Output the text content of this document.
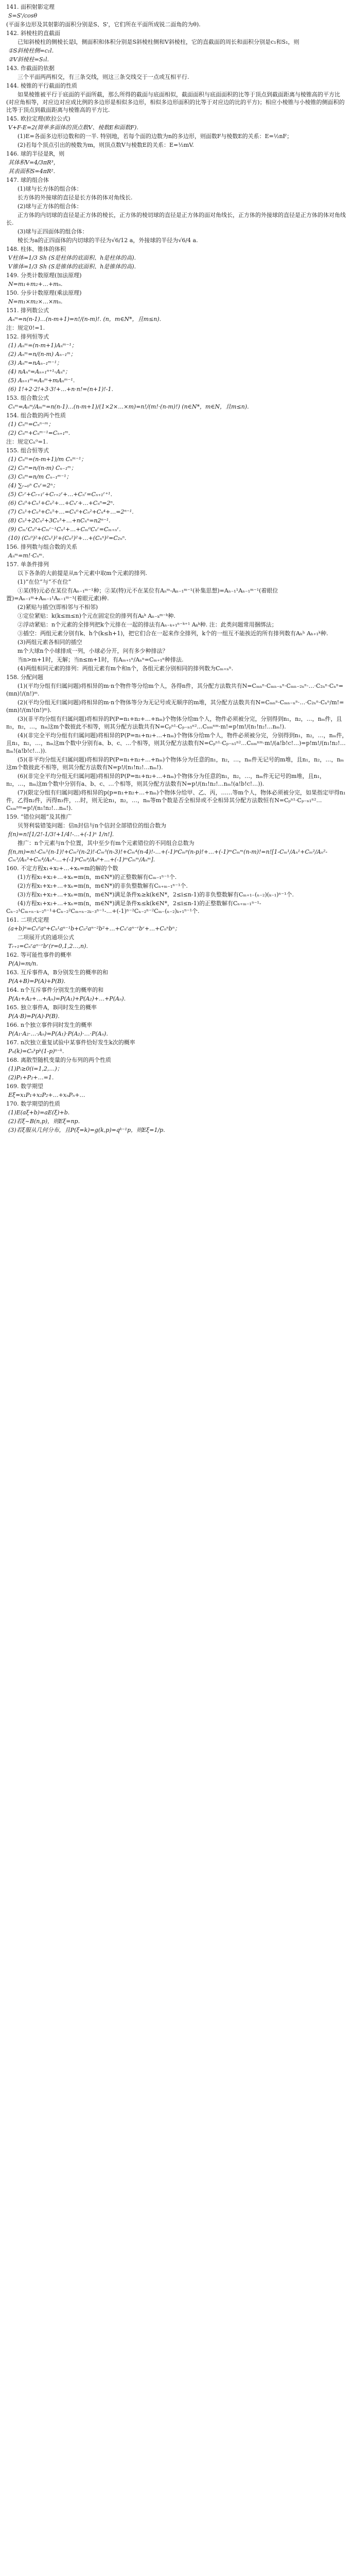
141. 面积射影定理
S=S'/cosθ
(平面多边形及其射影的面积分别是S、S'，它们所在平面所成锐二面角的为θ).
142. 斜棱柱的直截面
已知斜棱柱的侧棱长是l，侧面积和体积分别是S斜棱柱侧和V斜棱柱，它的直截面的周长和面积分别是c₁和S₁，则
①S斜棱柱侧=c₁l.
②V斜棱柱=S₁l.
143. 作截面的依据
三个平面两两相交，有三条交线，则这三条交线交于一点或互相平行.
144. 棱锥的平行截面的性质
如果棱锥被平行于底面的平面所截，那么所得的截面与底面相似，截面面积与底面面积的比等于顶点到截面距离与棱锥高的平方比(对应角相等，对应边对应成比例的多边形是相似多边形，相似多边形面积的比等于对应边的比的平方)；相应小棱锥与小棱锥的侧面积的比等于顶点到截面距离与棱锥高的平方比.
145. 欧拉定理(欧拉公式)
V+F-E=2(简单多面体的顶点数V、棱数E和面数F).
(1)E=各面多边形边数和的一半. 特别地，若每个面的边数为n的多边形，则面数F与棱数E的关系：E=½nF；
(2)若每个顶点引出的棱数为m，则顶点数V与棱数E的关系：E=½mV.
146. 球的半径是R，则
其体积V=4/3πR³，
其表面积S=4πR².
147. 球的组合体
(1)球与长方体的组合体：
长方体的外接球的直径是长方体的体对角线长.
(2)球与正方体的组合体：
正方体的内切球的直径是正方体的棱长，正方体的棱切球的直径是正方体的面对角线长，正方体的外接球的直径是正方体的体对角线长.
(3)球与正四面体的组合体：
棱长为a的正四面体的内切球的半径为√6/12 a，外接球的半径为√6/4 a.
148. 柱体、锥体的体积
V柱体=1/3 Sh (S是柱体的底面积、h是柱体的高).
V锥体=1/3 Sh (S是锥体的底面积、h是锥体的高).
149. 分类计数原理(加法原理)
N=m₁+m₂+…+mₙ.
150. 分步计数原理(乘法原理)
N=m₁×m₂×…×mₙ.
151. 排列数公式
Aₙᵐ=n(n-1)…(n-m+1)=n!/(n-m)!. (n，m∈N*，且m≤n).
注：规定0!=1.
152. 排列恒等式
(1) Aₙᵐ=(n-m+1)Aₙᵐ⁻¹；
(2) Aₙᵐ=n/(n-m) Aₙ₋₁ᵐ；
(3) Aₙᵐ=nAₙ₋₁ᵐ⁻¹；
(4) nAₙⁿ=Aₙ₊₁ⁿ⁺¹-Aₙⁿ；
(5) Aₙ₊₁ᵐ=Aₙᵐ+mAₙᵐ⁻¹.
(6) 1!+2·2!+3·3!+…+n·n!=(n+1)!-1.
153. 组合数公式
Cₙᵐ=Aₙᵐ/Aₘᵐ=n(n-1)…(n-m+1)/(1×2×…×m)=n!/(m!·(n-m)!) (n∈N*，m∈N，且m≤n).
154. 组合数的两个性质
(1) Cₙᵐ=Cₙⁿ⁻ᵐ；
(2) Cₙᵐ+Cₙᵐ⁻¹=Cₙ₊₁ᵐ.
注：规定Cₙ⁰=1.
155. 组合恒等式
(1) Cₙᵐ=(n-m+1)/m Cₙᵐ⁻¹；
(2) Cₙᵐ=n/(n-m) Cₙ₋₁ᵐ；
(3) Cₙᵐ=n/m Cₙ₋₁ᵐ⁻¹；
(4) ∑ᵣ₌₀ⁿ Cₙʳ=2ⁿ；
(5) Cᵣʳ+Cᵣ₊₁ʳ+Cᵣ₊₂ʳ+…+Cₙʳ=Cₙ₊₁ʳ⁺¹.
(6) Cₙ⁰+Cₙ¹+Cₙ²+…+Cₙʳ+…+Cₙⁿ=2ⁿ.
(7) Cₙ¹+Cₙ³+Cₙ⁵+…=Cₙ⁰+Cₙ²+Cₙ⁴+…=2ⁿ⁻¹.
(8) Cₙ¹+2Cₙ²+3Cₙ³+…+nCₙⁿ=n2ⁿ⁻¹.
(9) CₘʳCₙ⁰+Cₘʳ⁻¹Cₙ¹+…+Cₘ⁰Cₙʳ=Cₘ₊ₙʳ.
(10) (Cₙ⁰)²+(Cₙ¹)²+(Cₙ²)²+…+(Cₙⁿ)²=C₂ₙⁿ.
156. 排列数与组合数的关系
Aₙᵐ=m!·Cₙᵐ.
157. 单条件排列
以下各条的大前提是从n个元素中取m个元素的排列.
(1)“在位”与“不在位”
①某(特)元必在某位有Aₙ₋₁ᵐ⁻¹种；②某(特)元不在某位有Aₙᵐ-Aₙ₋₁ᵐ⁻¹(补集思想)=Aₙ₋₁¹Aₙ₋₁ᵐ⁻¹(着眼位置)=Aₙ₋₁ᵐ+Aₘ₋₁¹Aₙ₋₁ᵐ⁻¹(着眼元素)种.
(2)紧贴与插空(即相邻与不相邻)
①定位紧贴：k(k≤m≤n)个元在固定位的排列有Aₖᵏ Aₙ₋ₖᵐ⁻ᵏ种.
②浮动紧贴：n个元素的全排列把k个元排在一起的排法有Aₙ₋ₖ₊₁ⁿ⁻ᵏ⁺¹ Aₖᵏ种. 注：此类问题常用捆绑法；
③插空：两组元素分别有k、h个(k≤h+1)，把它们合在一起来作全排列，k个的一组互不能挨近的所有排列数有Aₕʰ Aₕ₊₁ᵏ种.
(3)两组元素各相同的插空
m个大球n个小球排成一列，小球必分开，问有多少种排法？
当n>m+1时，无解；当n≤m+1时，有Aₘ₊₁ⁿ/Aₙⁿ=Cₘ₊₁ⁿ种排法.
(4)两组相同元素的排列：两组元素有m个和n个，各组元素分别相同的排列数为Cₘ₊ₙⁿ.
158. 分配问题
(1)(平均分组有归属问题)将相异的m·n个物件等分给m个人，各得n件，其分配方法数共有N=Cₘₙⁿ·Cₘₙ₋ₙⁿ·Cₘₙ₋₂ₙⁿ·…·C₂ₙⁿ·Cₙⁿ=(mn)!/(n!)ᵐ.
(2)(平均分组无归属问题)将相异的m·n个物体等分为无记号或无顺序的m堆，其分配方法数共有N=Cₘₙⁿ·Cₘₙ₋ₙⁿ·…·C₂ₙⁿ·Cₙⁿ/m!=(mn)!/(m!(n!)ᵐ).
(3)(非平均分组有归属问题)将相异的P(P=n₁+n₂+…+nₘ)个物体分给m个人，物件必须被分完，分别得到n₁，n₂，…，nₘ件，且n₁，n₂，…，nₘ这m个数彼此不相等，则其分配方法数共有N=Cₚⁿ¹·Cₚ₋ₙ₁ⁿ²…Cₙₘⁿᵐ·m!=p!m!/(n₁!n₂!…nₘ!).
(4)(非完全平均分组有归属问题)将相异的P(P=n₁+n₂+…+nₘ)个物体分给m个人，物件必须被分完，分别得到n₁，n₂，…，nₘ件，且n₁，n₂，…，nₘ这m个数中分别有a、b、c、…个相等，则其分配方法数有N=Cₚⁿ¹·Cₚ₋ₙ₁ⁿ²…Cₙₘⁿᵐ·m!/(a!b!c!…)=p!m!/(n₁!n₂!…nₘ!(a!b!c!…)).
(5)(非平均分组无归属问题)将相异的P(P=n₁+n₂+…+nₘ)个物体分为任意的n₁，n₂，…，nₘ件无记号的m堆，且n₁，n₂，…，nₘ这m个数彼此不相等，则其分配方法数有N=p!/(n₁!n₂!…nₘ!).
(6)(非完全平均分组无归属问题)将相异的P(P=n₁+n₂+…+nₘ)个物体分为任意的n₁，n₂，…，nₘ件无记号的m堆，且n₁，n₂，…，nₘ这m个数中分别有a、b、c、…个相等，则其分配方法数有N=p!/(n₁!n₂!…nₘ!(a!b!c!…)).
(7)(限定分组有归属问题)将相异的p(p=n₁+n₂+…+nₘ)个物体分给甲、乙、丙，……等m个人，物体必须被分完，如果指定甲得n₁件，乙得n₂件，丙得n₃件，…时，则无论n₁，n₂，…，nₘ等m个数是否全相异或不全相异其分配方法数恒有N=Cₚⁿ¹·Cₚ₋ₙ₁ⁿ²…Cₙₘⁿᵐ=p!/(n₁!n₂!…nₘ!).
159. “错位问题”及其推广
贝努利装错笺问题：信n封信与n个信封全部错位的组合数为
f(n)=n![1/2!-1/3!+1/4!-…+(-1)ⁿ 1/n!].
推广：n个元素与n个位置，其中至少有m个元素错位的不同组合总数为
f(n,m)=n!-Cₘ¹(n-1)!+Cₘ²(n-2)!-Cₘ³(n-3)!+Cₘ⁴(n-4)!-…+(-1)ᵖCₘᵖ(n-p)!+…+(-1)ᵐCₘᵐ(n-m)!=n![1-Cₘ¹/Aₙ¹+Cₘ²/Aₙ²-Cₘ³/Aₙ³+Cₘ⁴/Aₙ⁴-…+(-1)ᵖCₘᵖ/Aₙᵖ+…+(-1)ᵐCₘᵐ/Aₙᵐ].
160. 不定方程x₁+x₂+…+xₙ=m的解的个数
(1)方程x₁+x₂+…+xₙ=m(n，m∈N*)的正整数解有Cₘ₋₁ⁿ⁻¹个.
(2)方程x₁+x₂+…+xₙ=m(n，m∈N*)的非负整数解有Cₙ₊ₘ₋₁ⁿ⁻¹个.
(3)方程x₁+x₂+…+xₙ=m(n，m∈N*)满足条件xᵢ≥k(k∈N*，2≤i≤n-1)的非负整数解有Cₘ₊₁₋(ₙ₋₂)(ₖ₋₁)ⁿ⁻¹个.
(4)方程x₁+x₂+…+xₙ=m(n，m∈N*)满足条件xᵢ≤k(k∈N*，2≤i≤n-1)的正整数解有Cₙ₊ₘ₋₁ⁿ⁻¹-Cₙ₋₂¹Cₘ₊ₙ₋ₖ₋₂ⁿ⁻¹+Cₙ₋₂²Cₘ₊ₙ₋₂ₖ₋₃ⁿ⁻¹-…+(-1)ⁿ⁻²Cₙ₋₂ⁿ⁻²Cₘ₋(ₙ₋₂)ₖ₊₁ⁿ⁻¹个.
161. 二项式定理
(a+b)ⁿ=Cₙ⁰aⁿ+Cₙ¹aⁿ⁻¹b+Cₙ²aⁿ⁻²b²+…+Cₙʳaⁿ⁻ʳbʳ+…+Cₙⁿbⁿ；
二项展开式的通项公式
Tᵣ₊₁=Cₙʳaⁿ⁻ʳbʳ(r=0,1,2…,n).
162. 等可能性事件的概率
P(A)=m/n.
163. 互斥事件A，B分别发生的概率的和
P(A+B)=P(A)+P(B).
164. n个互斥事件分别发生的概率的和
P(A₁+A₂+…+Aₙ)=P(A₁)+P(A₂)+…+P(Aₙ).
165. 独立事件A，B同时发生的概率
P(A·B)=P(A)·P(B).
166. n个独立事件同时发生的概率
P(A₁·A₂·…·Aₙ)=P(A₁)·P(A₂)·…·P(Aₙ).
167. n次独立重复试验中某事件恰好发生k次的概率
Pₙ(k)=Cₙᵏpᵏ(1-p)ⁿ⁻ᵏ.
168. 离散型随机变量的分布列的两个性质
(1)Pᵢ≥0(i=1,2,…)；
(2)P₁+P₂+…=1.
169. 数学期望
Eξ=x₁P₁+x₂P₂+…+xₙPₙ+…
170. 数学期望的性质
(1)E(aξ+b)=aE(ξ)+b.
(2)若ξ~B(n,p)，则Eξ=np.
(3)若ξ服从几何分布，且P(ξ=k)=g(k,p)=qᵏ⁻¹p，则Eξ=1/p.
